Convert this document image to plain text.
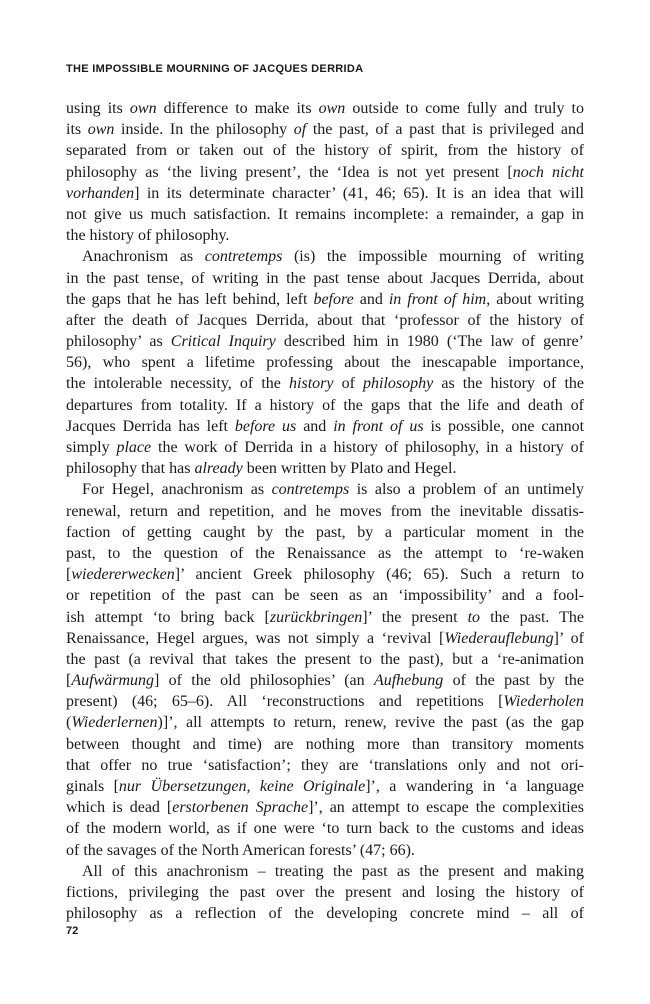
THE IMPOSSIBLE MOURNING OF JACQUES DERRIDA
using its own difference to make its own outside to come fully and truly to
its own inside. In the philosophy of the past, of a past that is privileged and
separated from or taken out of the history of spirit, from the history of
philosophy as ‘the living present’, the ‘Idea is not yet present [noch nicht
vorhanden] in its determinate character’ (41, 46; 65). It is an idea that will
not give us much satisfaction. It remains incomplete: a remainder, a gap in
the history of philosophy.
Anachronism as contretemps (is) the impossible mourning of writing
in the past tense, of writing in the past tense about Jacques Derrida, about
the gaps that he has left behind, left before and in front of him, about writing
after the death of Jacques Derrida, about that ‘professor of the history of
philosophy’ as Critical Inquiry described him in 1980 (‘The law of genre’
56), who spent a lifetime professing about the inescapable importance,
the intolerable necessity, of the history of philosophy as the history of the
departures from totality. If a history of the gaps that the life and death of
Jacques Derrida has left before us and in front of us is possible, one cannot
simply place the work of Derrida in a history of philosophy, in a history of
philosophy that has already been written by Plato and Hegel.
For Hegel, anachronism as contretemps is also a problem of an untimely
renewal, return and repetition, and he moves from the inevitable dissatis-
faction of getting caught by the past, by a particular moment in the
past, to the question of the Renaissance as the attempt to ‘re-waken
[wiedererwecken]’ ancient Greek philosophy (46; 65). Such a return to
or repetition of the past can be seen as an ‘impossibility’ and a fool-
ish attempt ‘to bring back [zurückbringen]’ the present to the past. The
Renaissance, Hegel argues, was not simply a ‘revival [Wiederauflebung]’ of
the past (a revival that takes the present to the past), but a ‘re-animation
[Aufwärmung] of the old philosophies’ (an Aufhebung of the past by the
present) (46; 65–6). All ‘reconstructions and repetitions [Wiederholen
(Wiederlernen)]’, all attempts to return, renew, revive the past (as the gap
between thought and time) are nothing more than transitory moments
that offer no true ‘satisfaction’; they are ‘translations only and not ori-
ginals [nur Übersetzungen, keine Originale]’, a wandering in ‘a language
which is dead [erstorbenen Sprache]’, an attempt to escape the complexities
of the modern world, as if one were ‘to turn back to the customs and ideas
of the savages of the North American forests’ (47; 66).
All of this anachronism – treating the past as the present and making
fictions, privileging the past over the present and losing the history of
philosophy as a reflection of the developing concrete mind – all of
72
